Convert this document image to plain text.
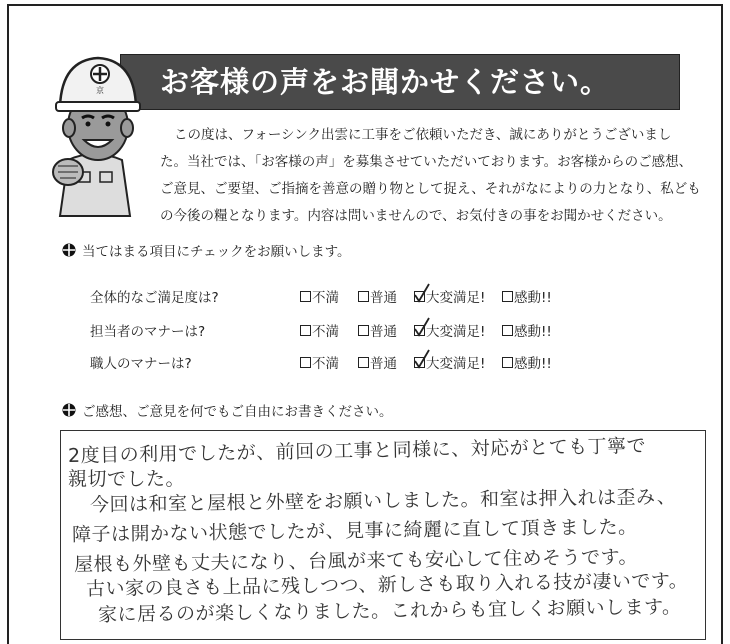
お客様の声をお聞かせください。
京

この度は、フォーシンク出雲に工事をご依頼いただき、誠にありがとうございまし

た。当社では、「お客様の声」を募集させていただいております。お客様からのご感想、

ご意見、ご要望、ご指摘を善意の贈り物として捉え、それがなによりの力となり、私ども

の今後の糧となります。内容は問いませんので、お気付きの事をお聞かせください。

当てはまる項目にチェックをお願いします。
全体的なご満足度は?	不満 普通 大変満足! 感動!!
担当者のマナーは?	不満 普通 大変満足! 感動!!
職人のマナーは?	不満 普通 大変満足! 感動!!
ご感想、ご意見を何でもご自由にお書きください。
2度目の利用でしたが、前回の工事と同様に、対応がとても丁寧で
親切でした。
今回は和室と屋根と外壁をお願いしました。和室は押入れは歪み、
障子は開かない状態でしたが、見事に綺麗に直して頂きました。
屋根も外壁も丈夫になり、台風が来ても安心して住めそうです。
古い家の良さも上品に残しつつ、新しさも取り入れる技が凄いです。
家に居るのが楽しくなりました。これからも宜しくお願いします。
